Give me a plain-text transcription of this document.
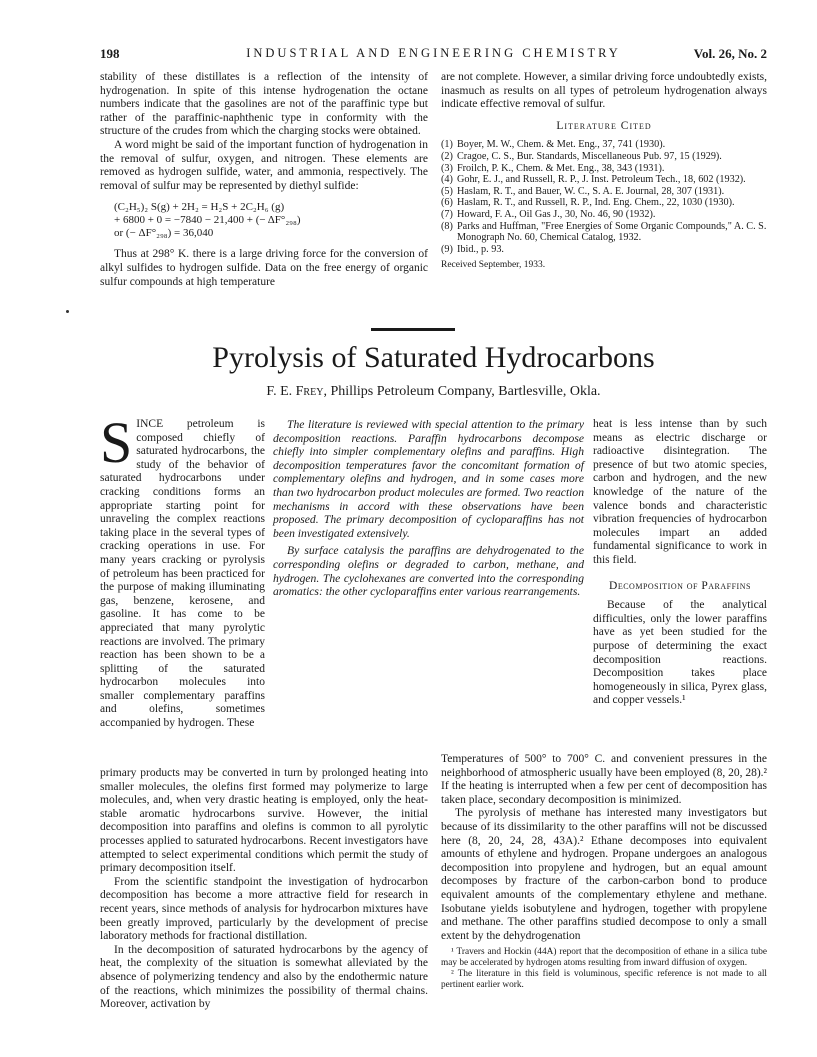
198	INDUSTRIAL AND ENGINEERING CHEMISTRY	Vol. 26, No. 2

stability of these distillates is a reflection of the intensity of hydrogenation. In spite of this intense hydrogenation the octane numbers indicate that the gasolines are not of the paraffinic type but rather of the paraffinic-naphthenic type in conformity with the structure of the crudes from which the charging stocks were obtained.

A word might be said of the important function of hydrogenation in the removal of sulfur, oxygen, and nitrogen. These elements are removed as hydrogen sulfide, water, and ammonia, respectively. The removal of sulfur may be represented by diethyl sulfide:

(C₂H₅)₂ S(g) + 2H₂ = H₂S + 2C₂H₆ (g)
+ 6800 + 0 = −7840 − 21,400 + (− ΔF°₂₉₈)
or (− ΔF°₂₉₈) = 36,040

Thus at 298° K. there is a large driving force for the conversion of alkyl sulfides to hydrogen sulfide. Data on the free energy of organic sulfur compounds at high temperature

are not complete. However, a similar driving force undoubtedly exists, inasmuch as results on all types of petroleum hydrogenation always indicate effective removal of sulfur.

Literature Cited
(1) Boyer, M. W., Chem. & Met. Eng., 37, 741 (1930).
(2) Cragoe, C. S., Bur. Standards, Miscellaneous Pub. 97, 15 (1929).
(3) Froilch, P. K., Chem. & Met. Eng., 38, 343 (1931).
(4) Gohr, E. J., and Russell, R. P., J. Inst. Petroleum Tech., 18, 602 (1932).
(5) Haslam, R. T., and Bauer, W. C., S. A. E. Journal, 28, 307 (1931).
(6) Haslam, R. T., and Russell, R. P., Ind. Eng. Chem., 22, 1030 (1930).
(7) Howard, F. A., Oil Gas J., 30, No. 46, 90 (1932).
(8) Parks and Huffman, "Free Energies of Some Organic Compounds," A. C. S. Monograph No. 60, Chemical Catalog, 1932.
(9) Ibid., p. 93.
Received September, 1933.
Pyrolysis of Saturated Hydrocarbons
F. E. Frey, Phillips Petroleum Company, Bartlesville, Okla.
S INCE petroleum is composed chiefly of saturated hydrocarbons, the study of the behavior of saturated hydrocarbons under cracking conditions forms an appropriate starting point for unraveling the complex reactions taking place in the several types of cracking operations in use. For many years cracking or pyrolysis of petroleum has been practiced for the purpose of making illuminating gas, benzene, kerosene, and gasoline. It has come to be appreciated that many pyrolytic reactions are involved. The primary reaction has been shown to be a splitting of the saturated hydrocarbon molecules into smaller complementary paraffins and olefins, sometimes accompanied by hydrogen. These

The literature is reviewed with special attention to the primary decomposition reactions. Paraffin hydrocarbons decompose chiefly into simpler complementary olefins and paraffins. High decomposition temperatures favor the concomitant formation of complementary olefins and hydrogen, and in some cases more than two hydrocarbon product molecules are formed. Two reaction mechanisms in accord with these observations have been proposed. The primary decomposition of cycloparaffins has not been investigated extensively.

By surface catalysis the paraffins are dehydrogenated to the corresponding olefins or degraded to carbon, methane, and hydrogen. The cyclohexanes are converted into the corresponding aromatics: the other cycloparaffins enter various rearrangements.

heat is less intense than by such means as electric discharge or radioactive disintegration. The presence of but two atomic species, carbon and hydrogen, and the new knowledge of the nature of the valence bonds and characteristic vibration frequencies of hydrocarbon molecules impart an added fundamental significance to work in this field.

Decomposition of Paraffins

Because of the analytical difficulties, only the lower paraffins have as yet been studied for the purpose of determining the exact decomposition reactions. Decomposition takes place homogeneously in silica, Pyrex glass, and copper vessels.¹

primary products may be converted in turn by prolonged heating into smaller molecules, the olefins first formed may polymerize to large molecules, and, when very drastic heating is employed, only the heat-stable aromatic hydrocarbons survive. However, the initial decomposition into paraffins and olefins is common to all pyrolytic processes applied to saturated hydrocarbons. Recent investigators have attempted to select experimental conditions which permit the study of primary decomposition itself.

From the scientific standpoint the investigation of hydrocarbon decomposition has become a more attractive field for research in recent years, since methods of analysis for hydrocarbon mixtures have been greatly improved, particularly by the development of precise laboratory methods for fractional distillation.

In the decomposition of saturated hydrocarbons by the agency of heat, the complexity of the situation is somewhat alleviated by the absence of polymerizing tendency and also by the endothermic nature of the reactions, which minimizes the possibility of thermal chains. Moreover, activation by

Temperatures of 500° to 700° C. and convenient pressures in the neighborhood of atmospheric usually have been employed (8, 20, 28).² If the heating is interrupted when a few per cent of decomposition has taken place, secondary decomposition is minimized.

The pyrolysis of methane has interested many investigators but because of its dissimilarity to the other paraffins will not be discussed here (8, 20, 24, 28, 43A).² Ethane decomposes into equivalent amounts of ethylene and hydrogen. Propane undergoes an analogous decomposition into propylene and hydrogen, but an equal amount decomposes by fracture of the carbon-carbon bond to produce equivalent amounts of the complementary ethylene and methane. Isobutane yields isobutylene and hydrogen, together with propylene and methane. The other paraffins studied decompose to only a small extent by the dehydrogenation

¹ Travers and Hockin (44A) report that the decomposition of ethane in a silica tube may be accelerated by hydrogen atoms resulting from inward diffusion of oxygen.

² The literature in this field is voluminous, specific reference is not made to all pertinent earlier work.
